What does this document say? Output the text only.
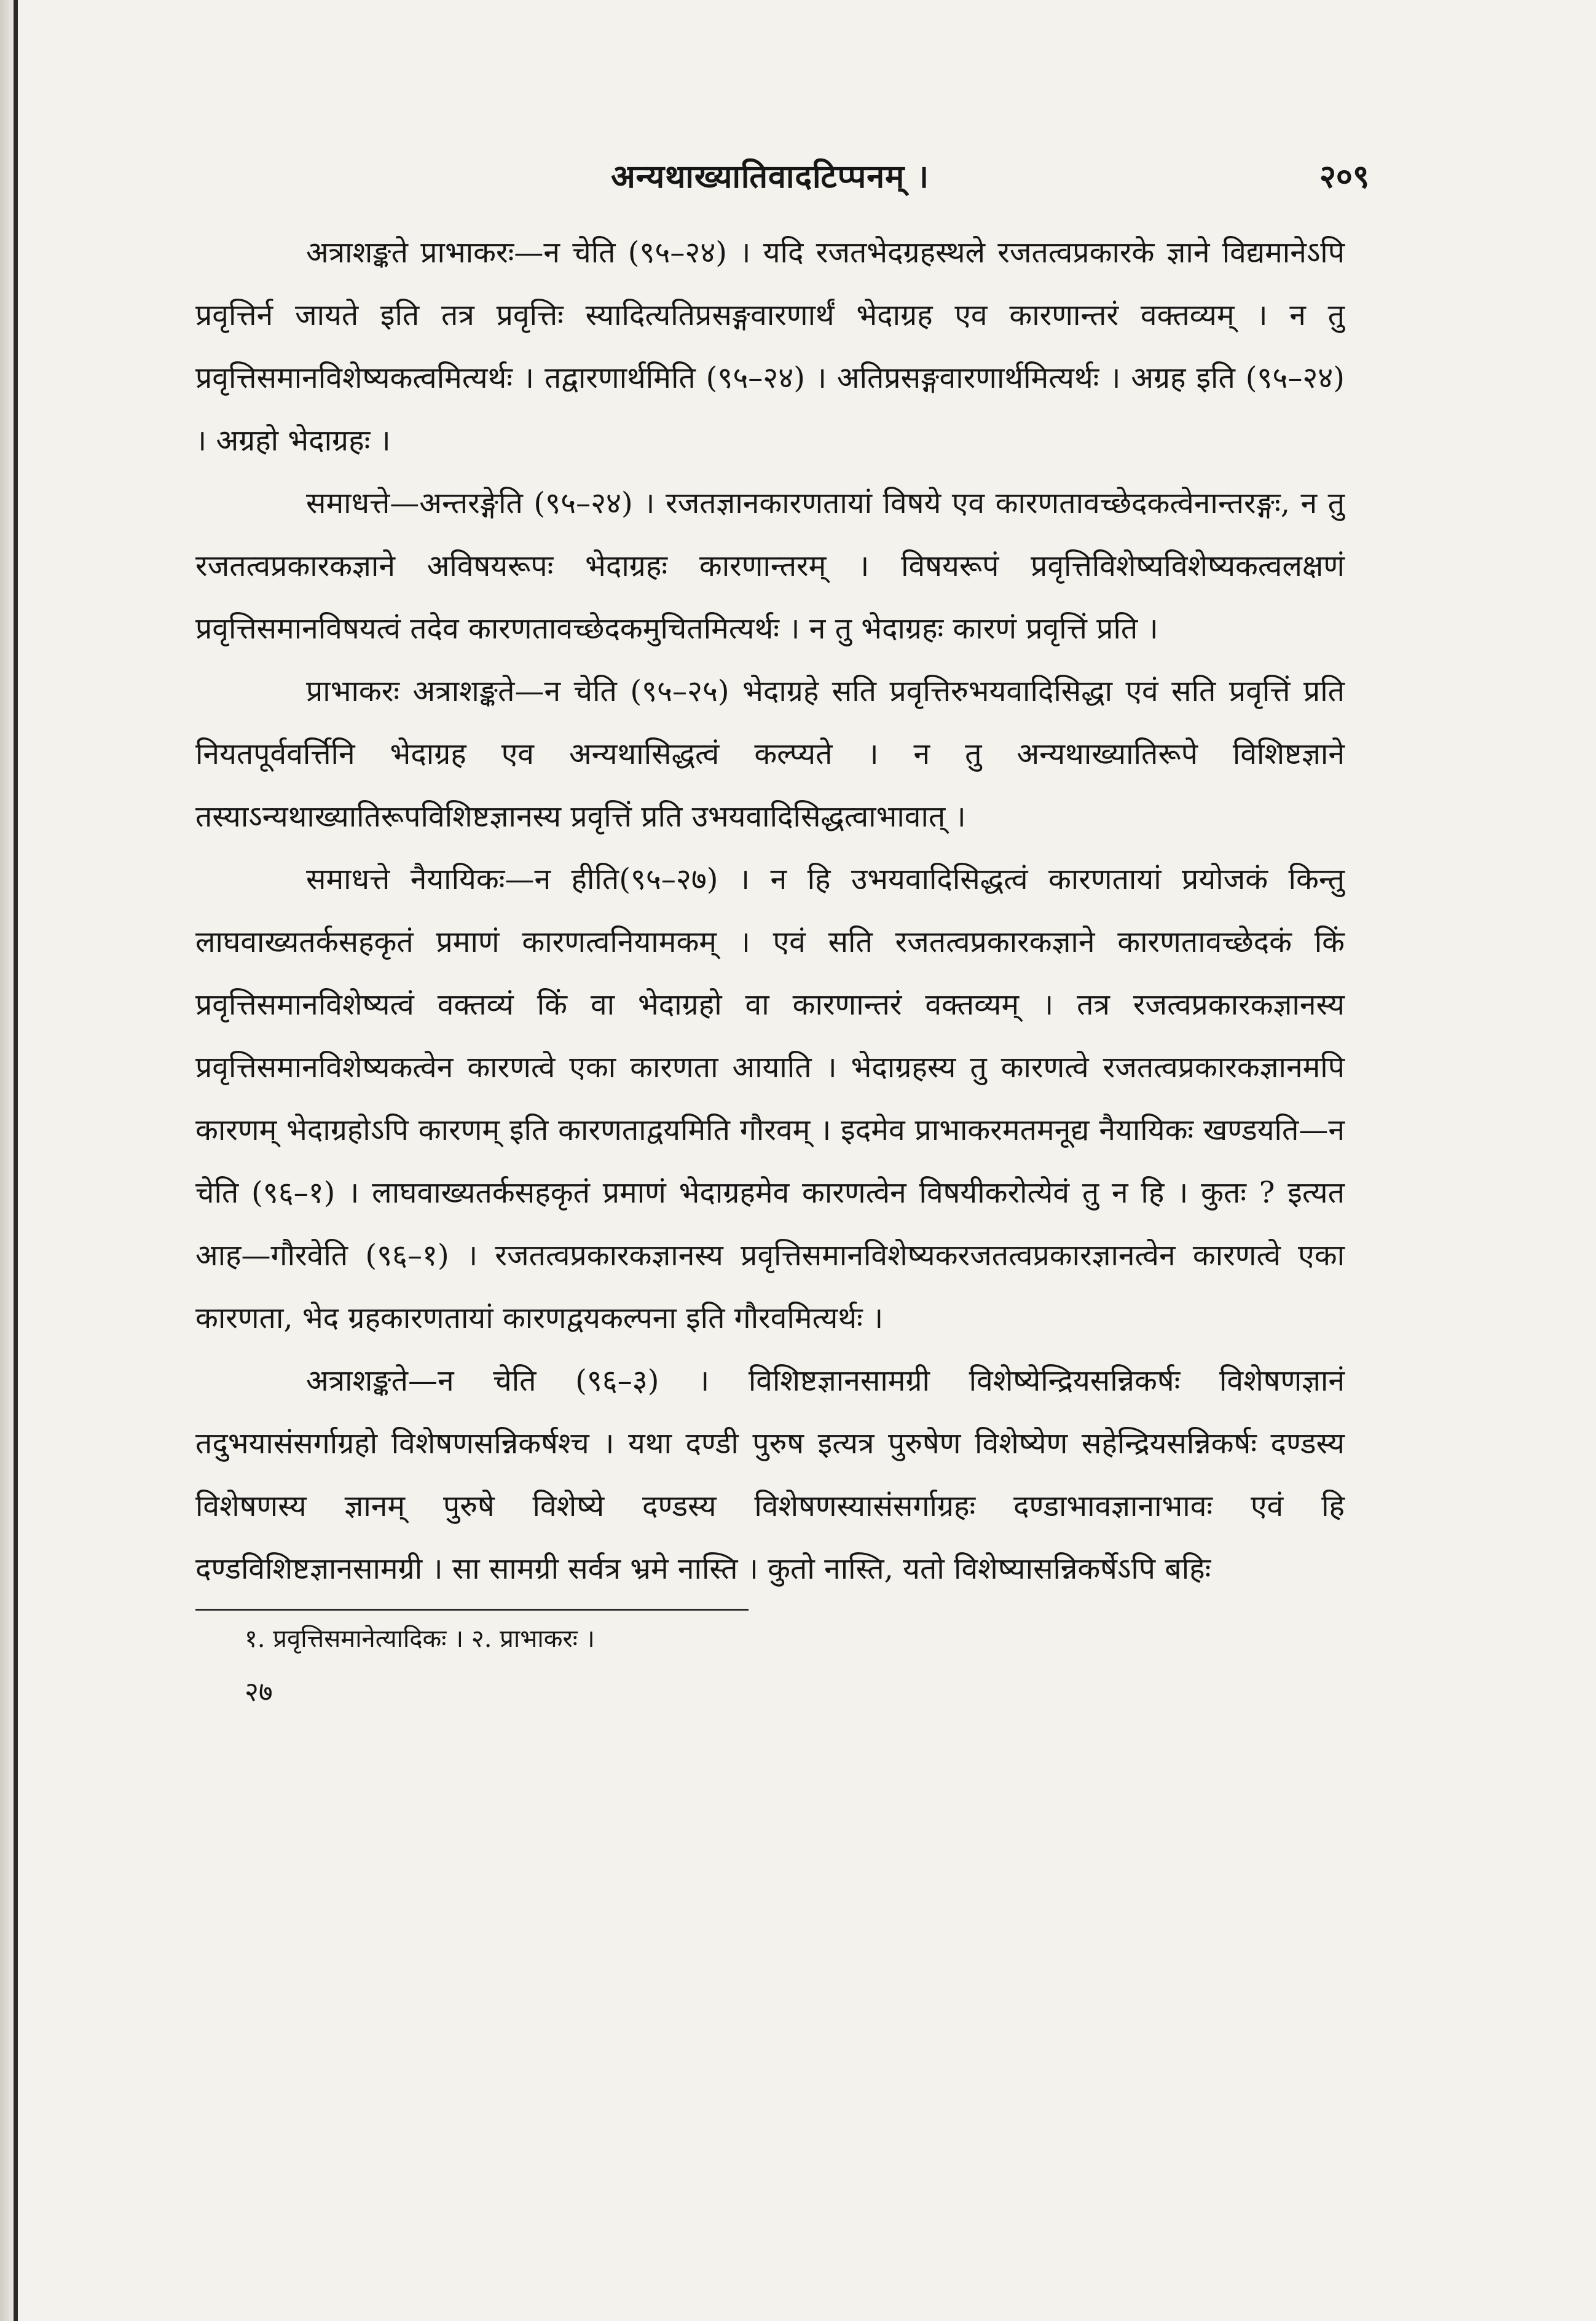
अन्यथाख्यातिवादटिप्पनम् ।	२०९

अत्राशङ्कते प्राभाकरः—न चेति (९५–२४) । यदि रजतभेदग्रहस्थले रजतत्वप्रकारके ज्ञाने विद्यमानेऽपि प्रवृत्तिर्न जायते इति तत्र प्रवृत्तिः स्यादित्यतिप्रसङ्गवारणार्थं भेदाग्रह एव कारणान्तरं वक्तव्यम् । न तु प्रवृत्तिसमानविशेष्यकत्वमित्यर्थः । तद्वारणार्थमिति (९५–२४) । अतिप्रसङ्गवारणार्थमित्यर्थः । अग्रह इति (९५–२४) । अग्रहो भेदाग्रहः ।

समाधत्ते—अन्तरङ्गेति (९५–२४) । रजतज्ञानकारणतायां विषये एव कारणतावच्छेदकत्वेनान्तरङ्गः, न तु रजतत्वप्रकारकज्ञाने अविषयरूपः भेदाग्रहः कारणान्तरम् । विषयरूपं प्रवृत्तिविशेष्यविशेष्यकत्वलक्षणं प्रवृत्तिसमानविषयत्वं तदेव कारणतावच्छेदकमुचितमित्यर्थः । न तु भेदाग्रहः कारणं प्रवृत्तिं प्रति ।

प्राभाकरः अत्राशङ्कते—न चेति (९५–२५) भेदाग्रहे सति प्रवृत्तिरुभयवादिसिद्धा एवं सति प्रवृत्तिं प्रति नियतपूर्ववर्त्तिनि भेदाग्रह एव अन्यथासिद्धत्वं कल्प्यते । न तु अन्यथाख्यातिरूपे विशिष्टज्ञाने तस्याऽन्यथाख्यातिरूपविशिष्टज्ञानस्य प्रवृत्तिं प्रति उभयवादिसिद्धत्वाभावात् ।

समाधत्ते नैयायिकः—न हीति(९५–२७) । न हि उभयवादिसिद्धत्वं कारणतायां प्रयोजकं किन्तु लाघवाख्यतर्कसहकृतं प्रमाणं कारणत्वनियामकम् । एवं सति रजतत्वप्रकारकज्ञाने कारणतावच्छेदकं किं प्रवृत्तिसमानविशेष्यत्वं वक्तव्यं किं वा भेदाग्रहो वा कारणान्तरं वक्तव्यम् । तत्र रजत्वप्रकारकज्ञानस्य प्रवृत्तिसमानविशेष्यकत्वेन कारणत्वे एका कारणता आयाति । भेदाग्रहस्य तु कारणत्वे रजतत्वप्रकारकज्ञानमपि कारणम् भेदाग्रहोऽपि कारणम् इति कारणताद्वयमिति गौरवम् । इदमेव प्राभाकरमतमनूद्य नैयायिकः खण्डयति—न चेति (९६–१) । लाघवाख्यतर्कसहकृतं प्रमाणं भेदाग्रहमेव कारणत्वेन विषयीकरोत्येवं तु न हि । कुतः ? इत्यत आह—गौरवेति (९६–१) । रजतत्वप्रकारकज्ञानस्य प्रवृत्तिसमानविशेष्यकरजतत्वप्रकारज्ञानत्वेन कारणत्वे एका कारणता, भेद ग्रहकारणतायां कारणद्वयकल्पना इति गौरवमित्यर्थः ।

अत्राशङ्कते—न चेति (९६–३) । विशिष्टज्ञानसामग्री विशेष्येन्द्रियसन्निकर्षः विशेषणज्ञानं तदुभयासंसर्गाग्रहो विशेषणसन्निकर्षश्च । यथा दण्डी पुरुष इत्यत्र पुरुषेण विशेष्येण सहेन्द्रियसन्निकर्षः दण्डस्य विशेषणस्य ज्ञानम् पुरुषे विशेष्ये दण्डस्य विशेषणस्यासंसर्गाग्रहः दण्डाभावज्ञानाभावः एवं हि दण्डविशिष्टज्ञानसामग्री । सा सामग्री सर्वत्र भ्रमे नास्ति । कुतो नास्ति, यतो विशेष्यासन्निकर्षेऽपि बहिः

१. प्रवृत्तिसमानेत्यादिकः । २. प्राभाकरः ।
२७
